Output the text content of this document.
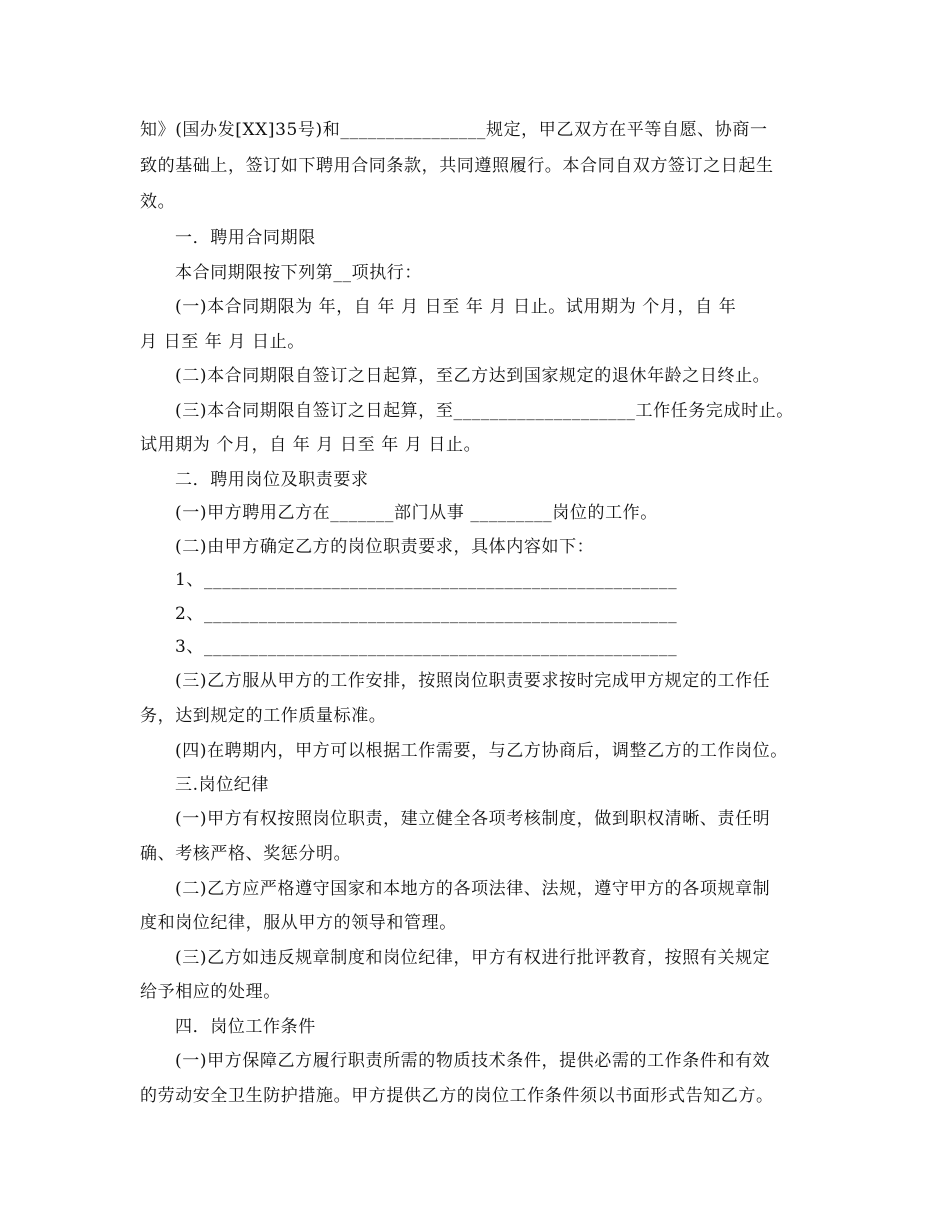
知》(国办发[XX]35号)和________________规定，甲乙双方在平等自愿、协商一
致的基础上，签订如下聘用合同条款，共同遵照履行。本合同自双方签订之日起生
效。
一．聘用合同期限
本合同期限按下列第__项执行：
(一)本合同期限为 年，自 年 月 日至 年 月 日止。试用期为 个月，自 年
月 日至 年 月 日止。
(二)本合同期限自签订之日起算，至乙方达到国家规定的退休年龄之日终止。
(三)本合同期限自签订之日起算，至____________________工作任务完成时止。
试用期为 个月，自 年 月 日至 年 月 日止。
二．聘用岗位及职责要求
(一)甲方聘用乙方在_______部门从事 _________岗位的工作。
(二)由甲方确定乙方的岗位职责要求，具体内容如下：
1、____________________________________________________
2、____________________________________________________
3、____________________________________________________
(三)乙方服从甲方的工作安排，按照岗位职责要求按时完成甲方规定的工作任
务，达到规定的工作质量标准。
(四)在聘期内，甲方可以根据工作需要，与乙方协商后，调整乙方的工作岗位。
三.岗位纪律
(一)甲方有权按照岗位职责，建立健全各项考核制度，做到职权清晰、责任明
确、考核严格、奖惩分明。
(二)乙方应严格遵守国家和本地方的各项法律、法规，遵守甲方的各项规章制
度和岗位纪律，服从甲方的领导和管理。
(三)乙方如违反规章制度和岗位纪律，甲方有权进行批评教育，按照有关规定
给予相应的处理。
四．岗位工作条件
(一)甲方保障乙方履行职责所需的物质技术条件，提供必需的工作条件和有效
的劳动安全卫生防护措施。甲方提供乙方的岗位工作条件须以书面形式告知乙方。
